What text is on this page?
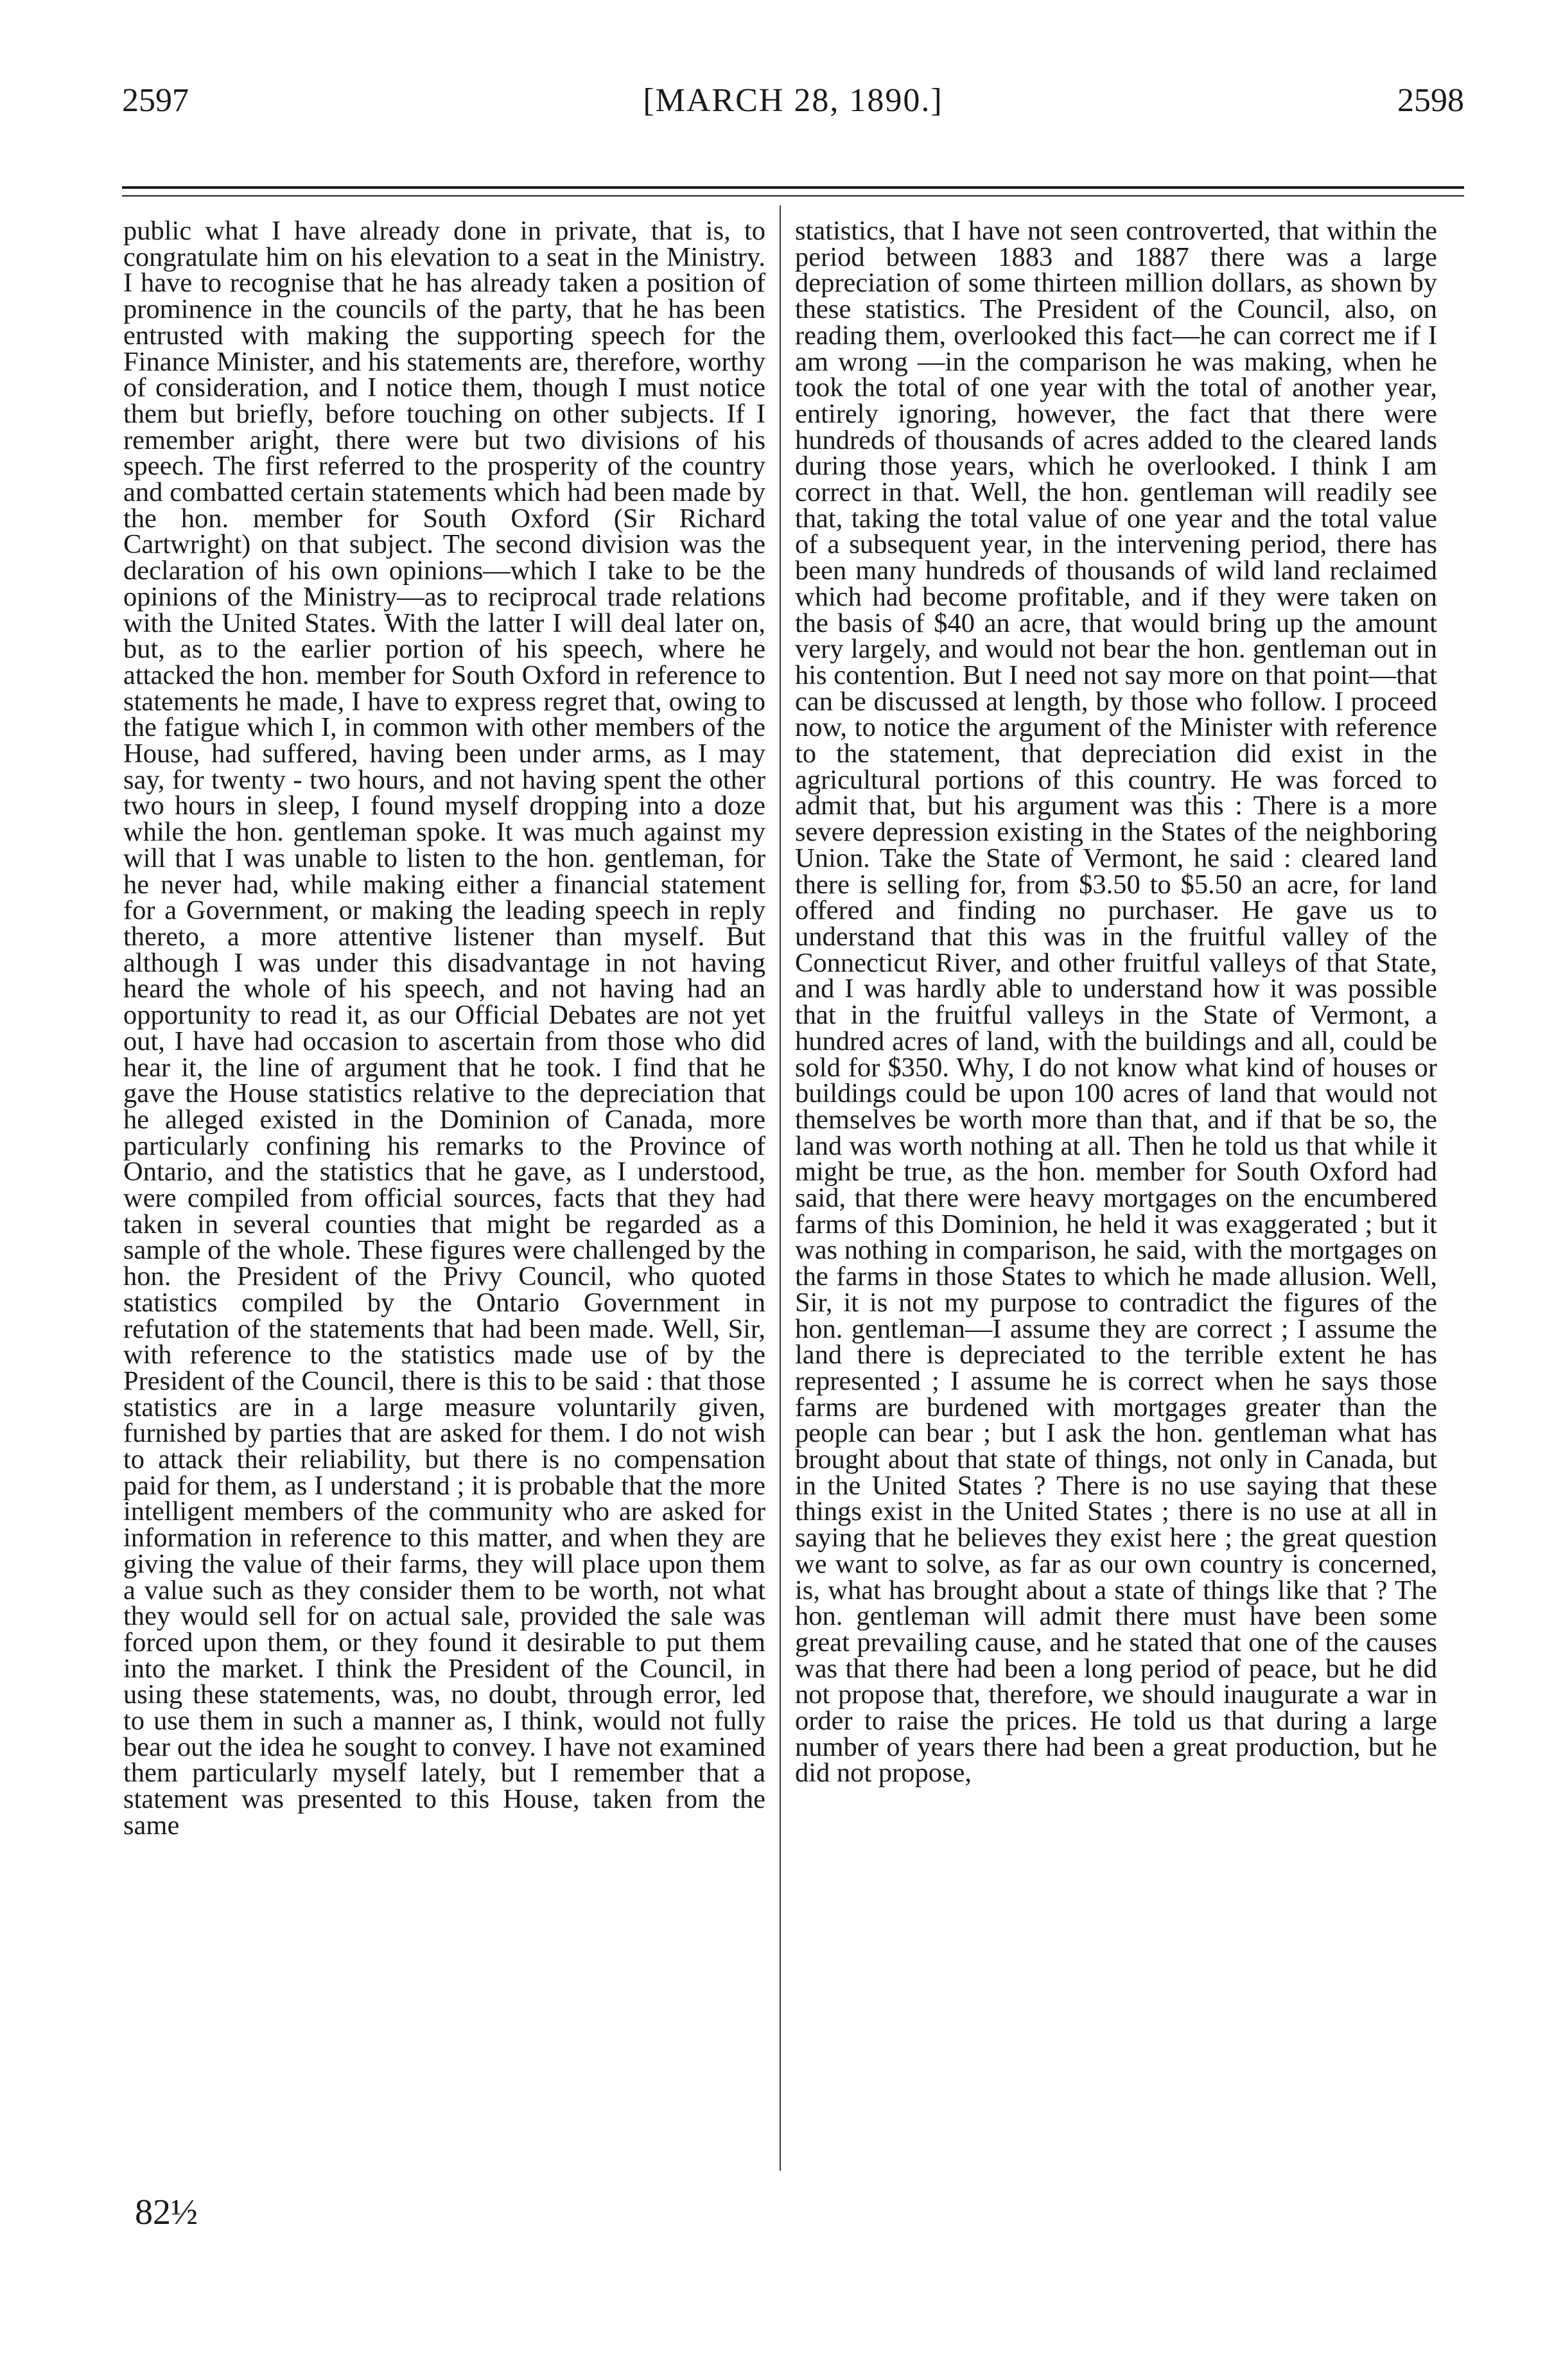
2597	[MARCH 28, 1890.]	2598

public what I have already done in private, that is, to congratulate him on his elevation to a seat in the Ministry. I have to recognise that he has already taken a position of prominence in the councils of the party, that he has been entrusted with making the supporting speech for the Finance Minister, and his statements are, therefore, worthy of consideration, and I notice them, though I must notice them but briefly, before touching on other subjects. If I remember aright, there were but two divisions of his speech. The first referred to the prosperity of the country and combatted certain statements which had been made by the hon. member for South Oxford (Sir Richard Cartwright) on that subject. The second division was the declaration of his own opinions—which I take to be the opinions of the Ministry—as to reciprocal trade relations with the United States. With the latter I will deal later on, but, as to the earlier portion of his speech, where he attacked the hon. member for South Oxford in reference to statements he made, I have to express regret that, owing to the fatigue which I, in common with other members of the House, had suffered, having been under arms, as I may say, for twenty - two hours, and not having spent the other two hours in sleep, I found myself dropping into a doze while the hon. gentleman spoke. It was much against my will that I was unable to listen to the hon. gentleman, for he never had, while making either a financial statement for a Government, or making the leading speech in reply thereto, a more attentive listener than myself. But although I was under this disadvantage in not having heard the whole of his speech, and not having had an opportunity to read it, as our Official Debates are not yet out, I have had occasion to ascertain from those who did hear it, the line of argument that he took. I find that he gave the House statistics relative to the depreciation that he alleged existed in the Dominion of Canada, more particularly confining his remarks to the Province of Ontario, and the statistics that he gave, as I understood, were compiled from official sources, facts that they had taken in several counties that might be regarded as a sample of the whole. These figures were challenged by the hon. the President of the Privy Council, who quoted statistics compiled by the Ontario Government in refutation of the statements that had been made. Well, Sir, with reference to the statistics made use of by the President of the Council, there is this to be said : that those statistics are in a large measure voluntarily given, furnished by parties that are asked for them. I do not wish to attack their reliability, but there is no compensation paid for them, as I understand ; it is probable that the more intelligent members of the community who are asked for information in reference to this matter, and when they are giving the value of their farms, they will place upon them a value such as they consider them to be worth, not what they would sell for on actual sale, provided the sale was forced upon them, or they found it desirable to put them into the market. I think the President of the Council, in using these statements, was, no doubt, through error, led to use them in such a manner as, I think, would not fully bear out the idea he sought to convey. I have not examined them particularly myself lately, but I remember that a statement was presented to this House, taken from the same

statistics, that I have not seen controverted, that within the period between 1883 and 1887 there was a large depreciation of some thirteen million dollars, as shown by these statistics. The President of the Council, also, on reading them, overlooked this fact—he can correct me if I am wrong —in the comparison he was making, when he took the total of one year with the total of another year, entirely ignoring, however, the fact that there were hundreds of thousands of acres added to the cleared lands during those years, which he overlooked. I think I am correct in that. Well, the hon. gentleman will readily see that, taking the total value of one year and the total value of a subsequent year, in the intervening period, there has been many hundreds of thousands of wild land reclaimed which had become profitable, and if they were taken on the basis of $40 an acre, that would bring up the amount very largely, and would not bear the hon. gentleman out in his contention. But I need not say more on that point—that can be discussed at length, by those who follow. I proceed now, to notice the argument of the Minister with reference to the statement, that depreciation did exist in the agricultural portions of this country. He was forced to admit that, but his argument was this : There is a more severe depression existing in the States of the neighboring Union. Take the State of Vermont, he said : cleared land there is selling for, from $3.50 to $5.50 an acre, for land offered and finding no purchaser. He gave us to understand that this was in the fruitful valley of the Connecticut River, and other fruitful valleys of that State, and I was hardly able to understand how it was possible that in the fruitful valleys in the State of Vermont, a hundred acres of land, with the buildings and all, could be sold for $350. Why, I do not know what kind of houses or buildings could be upon 100 acres of land that would not themselves be worth more than that, and if that be so, the land was worth nothing at all. Then he told us that while it might be true, as the hon. member for South Oxford had said, that there were heavy mortgages on the encumbered farms of this Dominion, he held it was exaggerated ; but it was nothing in comparison, he said, with the mortgages on the farms in those States to which he made allusion. Well, Sir, it is not my purpose to contradict the figures of the hon. gentleman—I assume they are correct ; I assume the land there is depreciated to the terrible extent he has represented ; I assume he is correct when he says those farms are burdened with mortgages greater than the people can bear ; but I ask the hon. gentleman what has brought about that state of things, not only in Canada, but in the United States ? There is no use saying that these things exist in the United States ; there is no use at all in saying that he believes they exist here ; the great question we want to solve, as far as our own country is concerned, is, what has brought about a state of things like that ? The hon. gentleman will admit there must have been some great prevailing cause, and he stated that one of the causes was that there had been a long period of peace, but he did not propose that, therefore, we should inaugurate a war in order to raise the prices. He told us that during a large number of years there had been a great production, but he did not propose,

82½
